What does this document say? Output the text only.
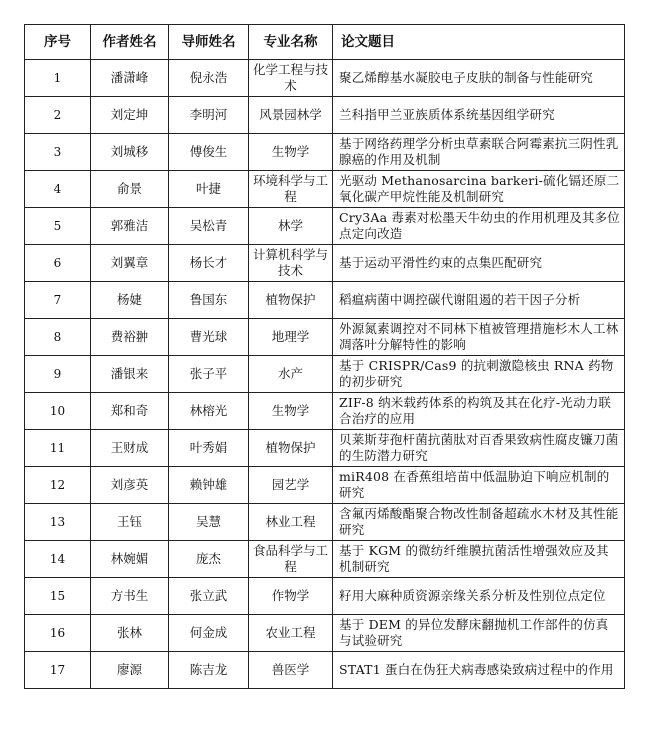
序号	作者姓名	导师姓名	专业名称	论文题目
1	潘潇峰	倪永浩	化学工程与技术	聚乙烯醇基水凝胶电子皮肤的制备与性能研究
2	刘定坤	李明河	风景园林学	兰科指甲兰亚族质体系统基因组学研究
3	刘城移	傅俊生	生物学	基于网络药理学分析虫草素联合阿霉素抗三阴性乳腺癌的作用及机制
4	俞景	叶捷	环境科学与工程	光驱动 Methanosarcina barkeri-硫化镉还原二氧化碳产甲烷性能及机制研究
5	郭雅洁	吴松青	林学	Cry3Aa 毒素对松墨天牛幼虫的作用机理及其多位点定向改造
6	刘翼章	杨长才	计算机科学与技术	基于运动平滑性约束的点集匹配研究
7	杨婕	鲁国东	植物保护	稻瘟病菌中调控碳代谢阻遏的若干因子分析
8	费裕翀	曹光球	地理学	外源氮素调控对不同林下植被管理措施杉木人工林凋落叶分解特性的影响
9	潘银来	张子平	水产	基于 CRISPR/Cas9 的抗刺激隐核虫 RNA 药物的初步研究
10	郑和奇	林榕光	生物学	ZIF-8 纳米载药体系的构筑及其在化疗-光动力联合治疗的应用
11	王财成	叶秀娟	植物保护	贝莱斯芽孢杆菌抗菌肽对百香果致病性腐皮镰刀菌的生防潜力研究
12	刘彦英	赖钟雄	园艺学	miR408 在香蕉组培苗中低温胁迫下响应机制的研究
13	王钰	吴慧	林业工程	含氟丙烯酸酯聚合物改性制备超疏水木材及其性能研究
14	林婉媚	庞杰	食品科学与工程	基于 KGM 的微纺纤维膜抗菌活性增强效应及其机制研究
15	方书生	张立武	作物学	籽用大麻种质资源亲缘关系分析及性别位点定位
16	张林	何金成	农业工程	基于 DEM 的异位发酵床翻抛机工作部件的仿真与试验研究
17	廖源	陈吉龙	兽医学	STAT1 蛋白在伪狂犬病毒感染致病过程中的作用
